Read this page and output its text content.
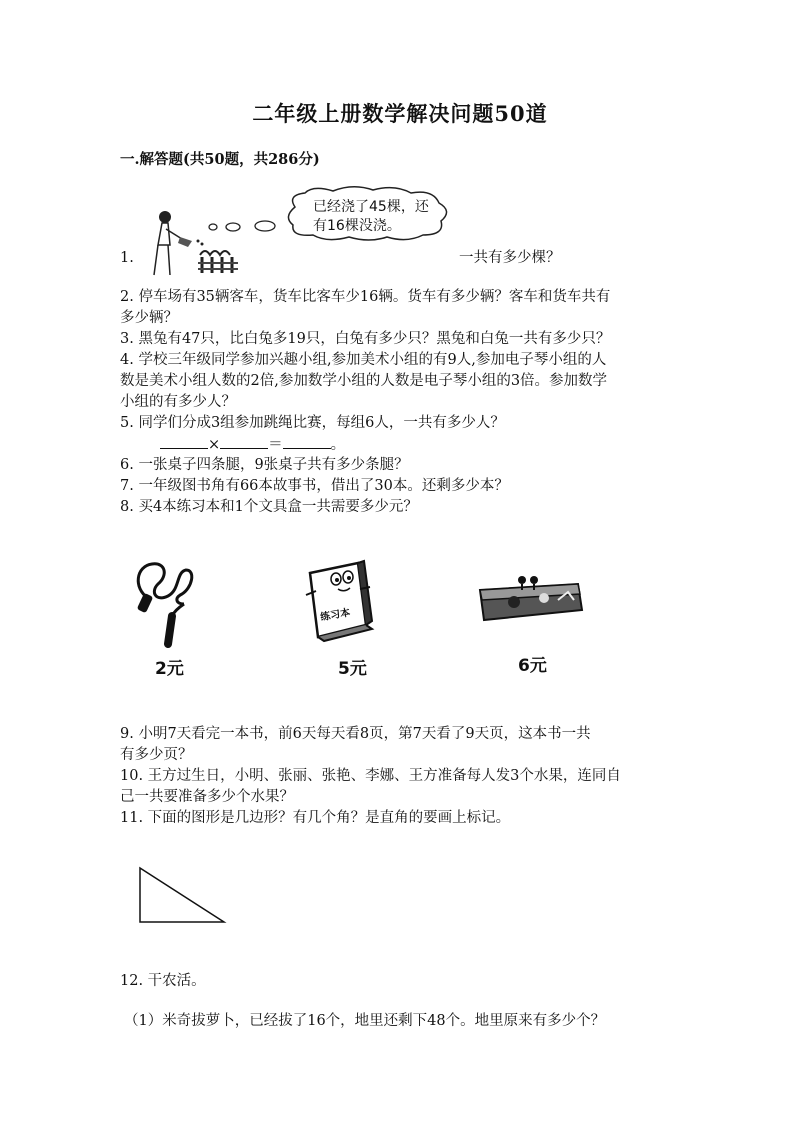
二年级上册数学解决问题50道
一.解答题(共50题，共286分)
1.
已经浇了45棵，还
有16棵没浇。
一共有多少棵？
2. 停车场有35辆客车，货车比客车少16辆。货车有多少辆？客车和货车共有
多少辆？
3. 黑兔有47只，比白兔多19只，白兔有多少只？黑兔和白兔一共有多少只？
4. 学校三年级同学参加兴趣小组,参加美术小组的有9人,参加电子琴小组的人
数是美术小组人数的2倍,参加数学小组的人数是电子琴小组的3倍。参加数学
小组的有多少人？
5. 同学们分成3组参加跳绳比赛，每组6人，一共有多少人？
×	＝	。
6. 一张桌子四条腿，9张桌子共有多少条腿？
7. 一年级图书角有66本故事书，借出了30本。还剩多少本？
8. 买4本练习本和1个文具盒一共需要多少元？
2元
练习本
5元	6元
9. 小明7天看完一本书，前6天每天看8页，第7天看了9天页，这本书一共
有多少页？
10. 王方过生日，小明、张丽、张艳、李娜、王方准备每人发3个水果，连同自
己一共要准备多少个水果？
11. 下面的图形是几边形？有几个角？是直角的要画上标记。
12. 干农活。
（1）米奇拔萝卜，已经拔了16个，地里还剩下48个。地里原来有多少个？
